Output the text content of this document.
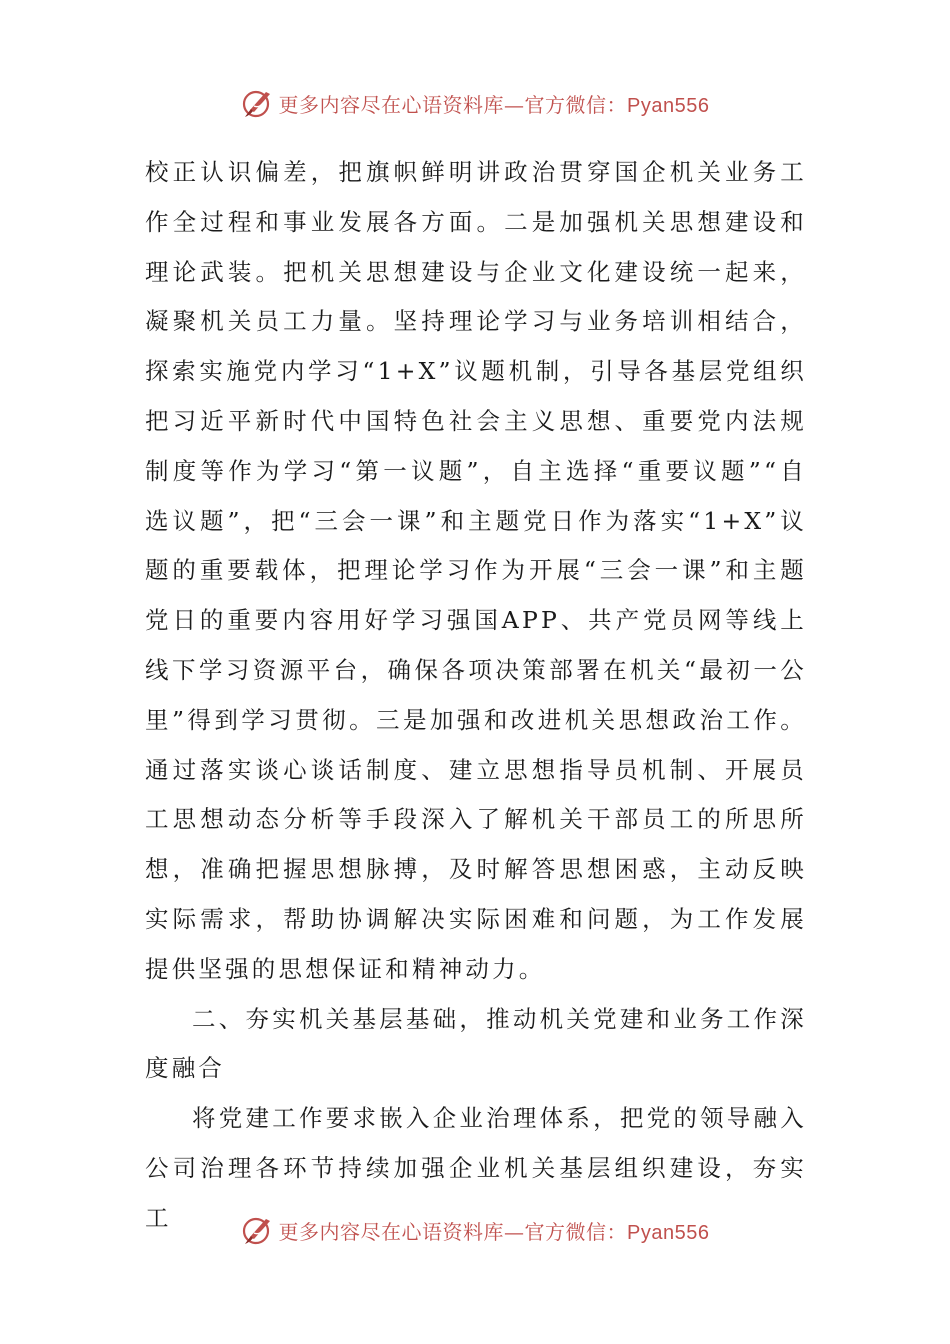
更多内容尽在心语资料库—官方微信：Pyan556

校正认识偏差，把旗帜鲜明讲政治贯穿国企机关业务工作全过程和事业发展各方面。二是加强机关思想建设和理论武装。把机关思想建设与企业文化建设统一起来，凝聚机关员工力量。坚持理论学习与业务培训相结合，探索实施党内学习“1+X”议题机制，引导各基层党组织把习近平新时代中国特色社会主义思想、重要党内法规制度等作为学习“第一议题”，自主选择“重要议题”“自选议题”，把“三会一课”和主题党日作为落实“1+X”议题的重要载体，把理论学习作为开展“三会一课”和主题党日的重要内容用好学习强国APP、共产党员网等线上线下学习资源平台，确保各项决策部署在机关“最初一公里”得到学习贯彻。三是加强和改进机关思想政治工作。通过落实谈心谈话制度、建立思想指导员机制、开展员工思想动态分析等手段深入了解机关干部员工的所思所想，准确把握思想脉搏，及时解答思想困惑，主动反映实际需求，帮助协调解决实际困难和问题，为工作发展提供坚强的思想保证和精神动力。

二、夯实机关基层基础，推动机关党建和业务工作深度融合

将党建工作要求嵌入企业治理体系，把党的领导融入公司治理各环节持续加强企业机关基层组织建设，夯实工	更多内容尽在心语资料库—官方微信：Pyan556
